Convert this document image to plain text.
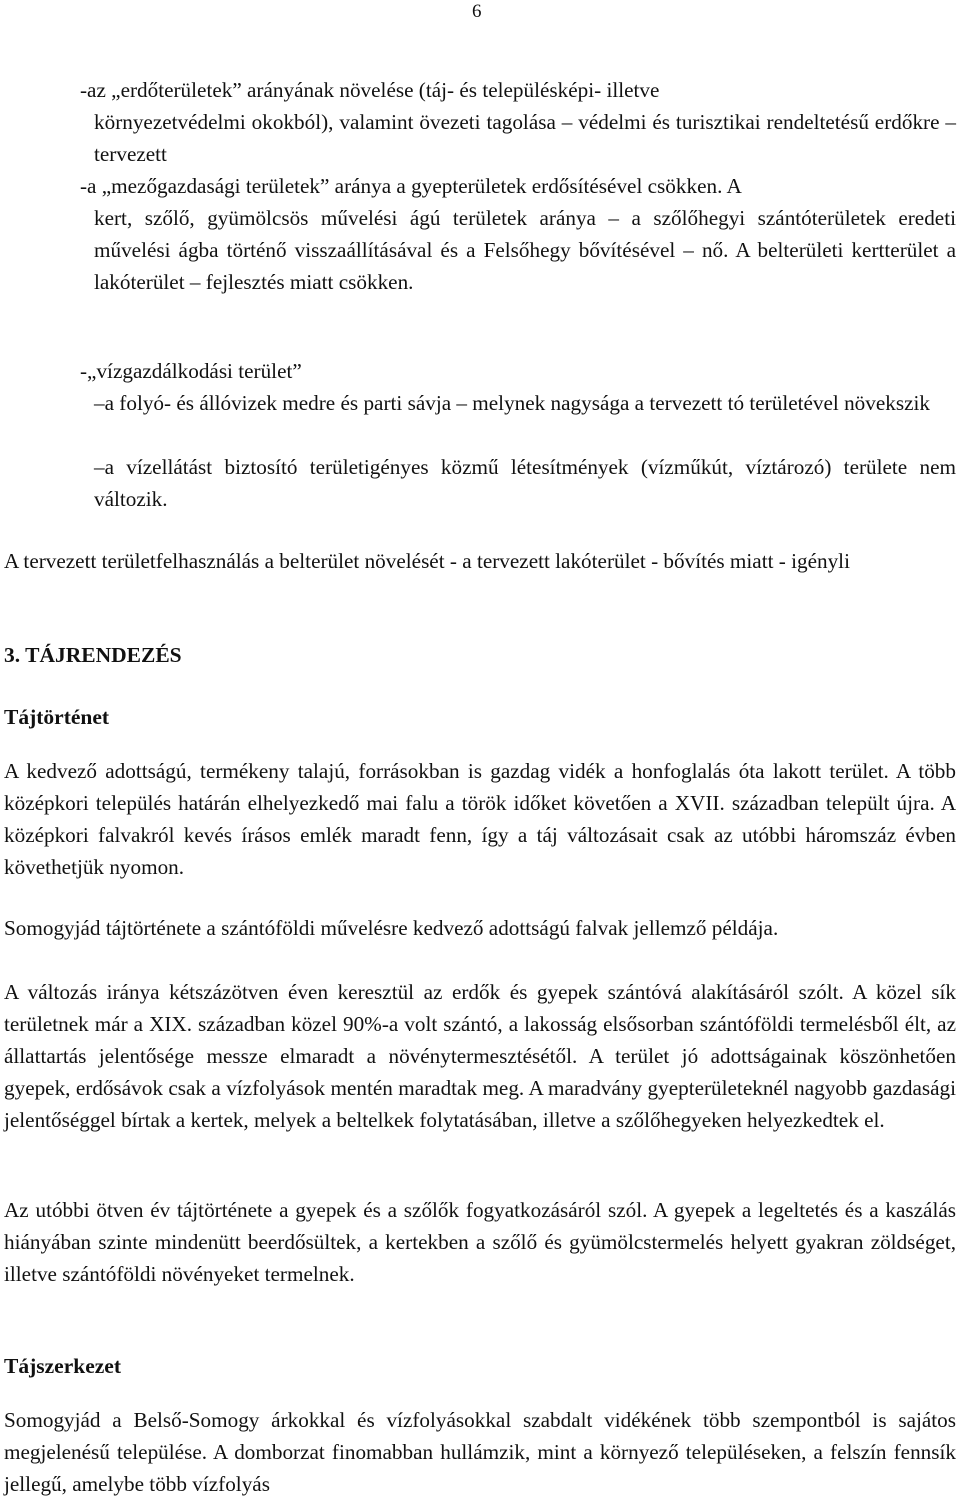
6
-az „erdőterületek” arányának növelése (táj- és településképi- illetve
környezetvédelmi okokból), valamint övezeti tagolása – védelmi és turisztikai rendeltetésű erdőkre – tervezett
-a „mezőgazdasági területek” aránya a gyepterületek erdősítésével csökken. A
kert, szőlő, gyümölcsös művelési ágú területek aránya – a szőlőhegyi szántóterületek eredeti művelési ágba történő visszaállításával és a Felsőhegy bővítésével – nő. A belterületi kertterület a lakóterület – fejlesztés miatt csökken.
-„vízgazdálkodási terület”
–a folyó- és állóvizek medre és parti sávja – melynek nagysága a tervezett tó területével növekszik
–a vízellátást biztosító területigényes közmű létesítmények (vízműkút, víztározó) területe nem változik.
A tervezett területfelhasználás a belterület növelését - a tervezett lakóterület - bővítés miatt - igényli
3. TÁJRENDEZÉS
Tájtörténet
A kedvező adottságú, termékeny talajú, forrásokban is gazdag vidék a honfoglalás óta lakott terület. A több középkori település határán elhelyezkedő mai falu a török időket követően a XVII. században települt újra. A középkori falvakról kevés írásos emlék maradt fenn, így a táj változásait csak az utóbbi háromszáz évben követhetjük nyomon.
Somogyjád tájtörténete a szántóföldi művelésre kedvező adottságú falvak jellemző példája.
A változás iránya kétszázötven éven keresztül az erdők és gyepek szántóvá alakításáról szólt. A közel sík területnek már a XIX. században közel 90%-a volt szántó, a lakosság elsősorban szántóföldi termelésből élt, az állattartás jelentősége messze elmaradt a növénytermesztésétől. A terület jó adottságainak köszönhetően gyepek, erdősávok csak a vízfolyások mentén maradtak meg. A maradvány gyepterületeknél nagyobb gazdasági jelentőséggel bírtak a kertek, melyek a beltelkek folytatásában, illetve a szőlőhegyeken helyezkedtek el.
Az utóbbi ötven év tájtörténete a gyepek és a szőlők fogyatkozásáról szól. A gyepek a legeltetés és a kaszálás hiányában szinte mindenütt beerdősültek, a kertekben a szőlő és gyümölcstermelés helyett gyakran zöldséget, illetve szántóföldi növényeket termelnek.
Tájszerkezet
Somogyjád a Belső-Somogy árkokkal és vízfolyásokkal szabdalt vidékének több szempontból is sajátos megjelenésű települése. A domborzat finomabban hullámzik, mint a környező településeken, a felszín fennsík jellegű, amelybe több vízfolyás
